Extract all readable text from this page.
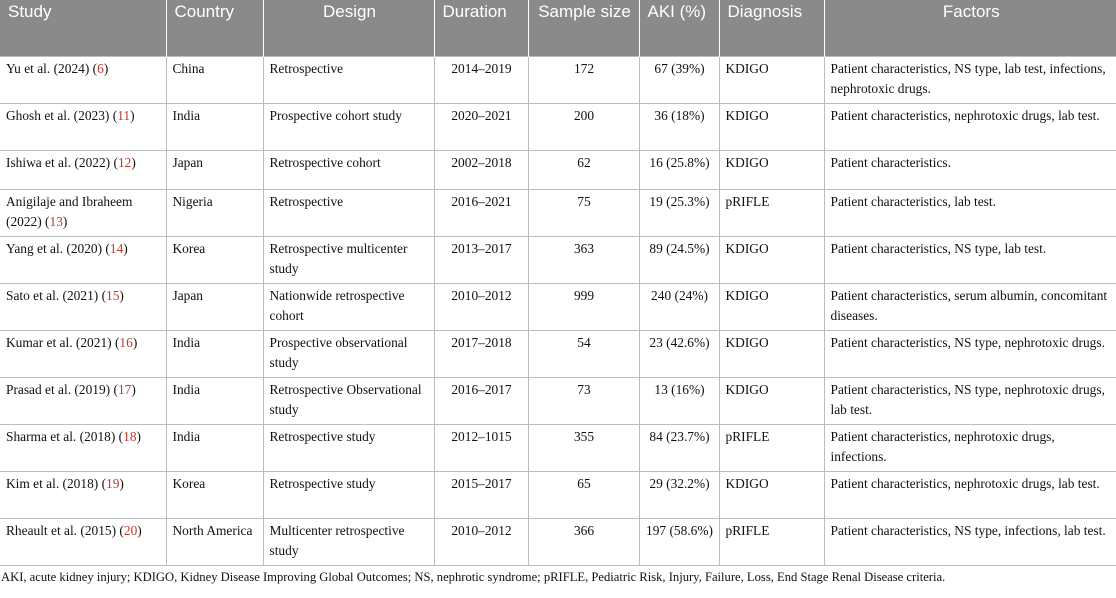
Study	Country	Design	Duration	Sample size	AKI (%)	Diagnosis	Factors
Yu et al. (2024) (6)	China	Retrospective	2014–2019	172	67 (39%)	KDIGO	Patient characteristics, NS type, lab test, infections, nephrotoxic drugs.
Ghosh et al. (2023) (11)	India	Prospective cohort study	2020–2021	200	36 (18%)	KDIGO	Patient characteristics, nephrotoxic drugs, lab test.
Ishiwa et al. (2022) (12)	Japan	Retrospective cohort	2002–2018	62	16 (25.8%)	KDIGO	Patient characteristics.
Anigilaje and Ibraheem (2022) (13)	Nigeria	Retrospective	2016–2021	75	19 (25.3%)	pRIFLE	Patient characteristics, lab test.
Yang et al. (2020) (14)	Korea	Retrospective multicenter study	2013–2017	363	89 (24.5%)	KDIGO	Patient characteristics, NS type, lab test.
Sato et al. (2021) (15)	Japan	Nationwide retrospective cohort	2010–2012	999	240 (24%)	KDIGO	Patient characteristics, serum albumin, concomitant diseases.
Kumar et al. (2021) (16)	India	Prospective observational study	2017–2018	54	23 (42.6%)	KDIGO	Patient characteristics, NS type, nephrotoxic drugs.
Prasad et al. (2019) (17)	India	Retrospective Observational study	2016–2017	73	13 (16%)	KDIGO	Patient characteristics, NS type, nephrotoxic drugs, lab test.
Sharma et al. (2018) (18)	India	Retrospective study	2012–1015	355	84 (23.7%)	pRIFLE	Patient characteristics, nephrotoxic drugs, infections.
Kim et al. (2018) (19)	Korea	Retrospective study	2015–2017	65	29 (32.2%)	KDIGO	Patient characteristics, nephrotoxic drugs, lab test.
Rheault et al. (2015) (20)	North America	Multicenter retrospective study	2010–2012	366	197 (58.6%)	pRIFLE	Patient characteristics, NS type, infections, lab test.
AKI, acute kidney injury; KDIGO, Kidney Disease Improving Global Outcomes; NS, nephrotic syndrome; pRIFLE, Pediatric Risk, Injury, Failure, Loss, End Stage Renal Disease criteria.
